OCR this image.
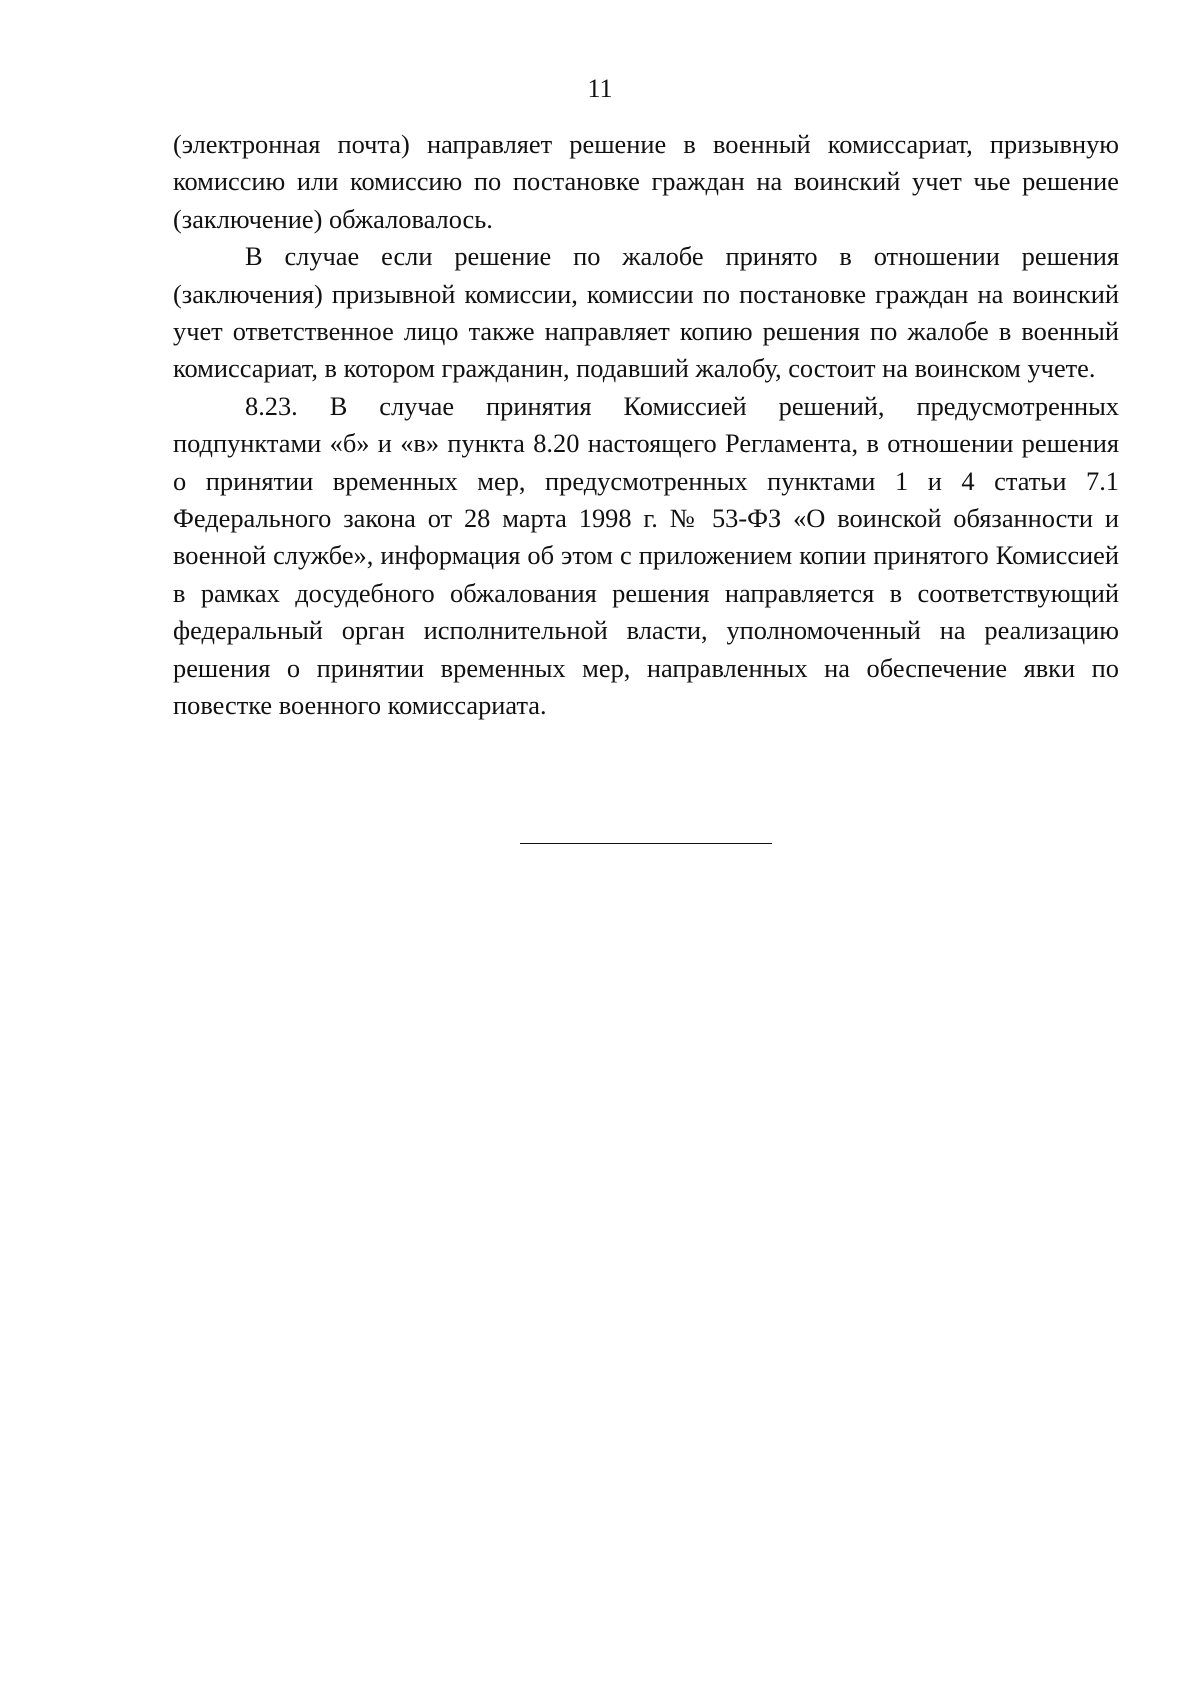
11

(электронная почта) направляет решение в военный комиссариат, призывную комиссию или комиссию по постановке граждан на воинский учет чье решение (заключение) обжаловалось.

В случае если решение по жалобе принято в отношении решения (заключения) призывной комиссии, комиссии по постановке граждан на воинский учет ответственное лицо также направляет копию решения по жалобе в военный комиссариат, в котором гражданин, подавший жалобу, состоит на воинском учете.

8.23. В случае принятия Комиссией решений, предусмотренных подпунктами «б» и «в» пункта 8.20 настоящего Регламента, в отношении решения о принятии временных мер, предусмотренных пунктами 1 и 4 статьи 7.1 Федерального закона от 28 марта 1998 г. № 53-ФЗ «О воинской обязанности и военной службе», информация об этом с приложением копии принятого Комиссией в рамках досудебного обжалования решения направляется в соответствующий федеральный орган исполнительной власти, уполномоченный на реализацию решения о принятии временных мер, направленных на обеспечение явки по повестке военного комиссариата.
